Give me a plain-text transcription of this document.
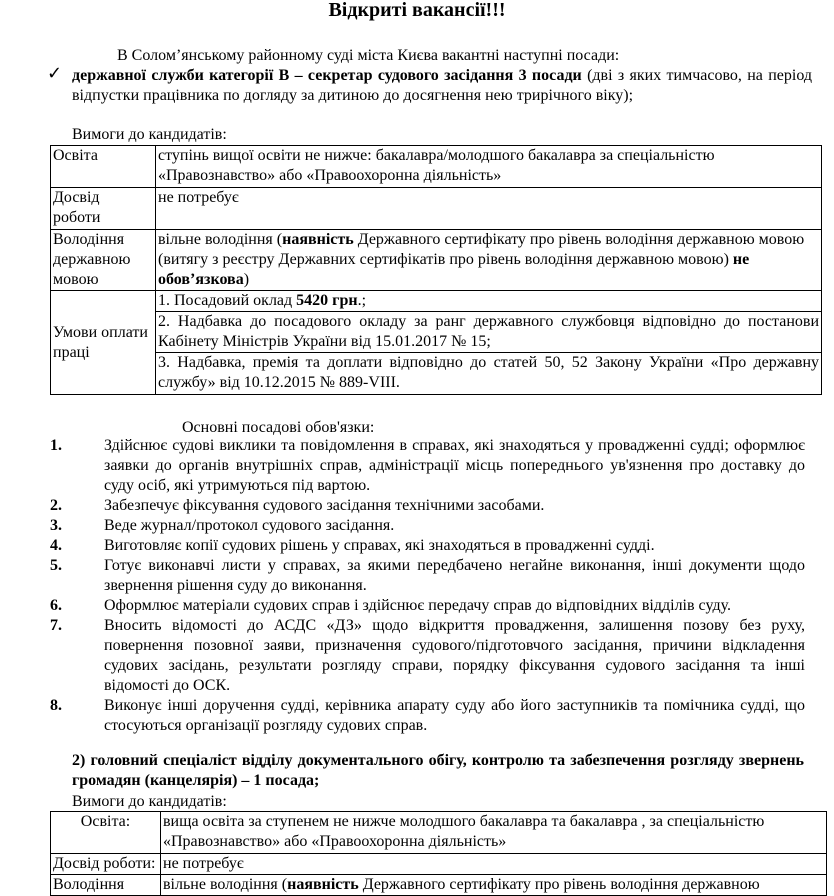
Відкриті вакансії!!!
В Солом’янському районному суді міста Києва вакантні наступні посади:
✓ державної служби категорії В – секретар судового засідання 3 посади (дві з яких тимчасово, на період відпустки працівника по догляду за дитиною до досягнення нею трирічного віку);
Вимоги до кандидатів:
Освіта	ступінь вищої освіти не нижче: бакалавра/молодшого бакалавра за спеціальністю «Правознавство» або «Правоохоронна діяльність»
Досвід роботи	не потребує
Володіння державною мовою	вільне володіння (наявність Державного сертифікату про рівень володіння державною мовою (витягу з реєстру Державних сертифікатів про рівень володіння державною мовою) не обов’язкова)
Умови оплати праці	1. Посадовий оклад 5420 грн.;
2. Надбавка до посадового окладу за ранг державного службовця відповідно до постанови Кабінету Міністрів України від 15.01.2017 № 15;
3. Надбавка, премія та доплати відповідно до статей 50, 52 Закону України «Про державну службу» від 10.12.2015 № 889-VIII.
Основні посадові обов'язки:
1.	Здійснює судові виклики та повідомлення в справах, які знаходяться у провадженні судді; оформлює заявки до органів внутрішніх справ, адміністрації місць попереднього ув'язнення про доставку до суду осіб, які утримуються під вартою.
2.	Забезпечує фіксування судового засідання технічними засобами.
3.	Веде журнал/протокол судового засідання.
4.	Виготовляє копії судових рішень у справах, які знаходяться в провадженні судді.
5.	Готує виконавчі листи у справах, за якими передбачено негайне виконання, інші документи щодо звернення рішення суду до виконання.
6.	Оформлює матеріали судових справ і здійснює передачу справ до відповідних відділів суду.
7.	Вносить відомості до АСДС «ДЗ» щодо відкриття провадження, залишення позову без руху, повернення позовної заяви, призначення судового/підготовчого засідання, причини відкладення судових засідань, результати розгляду справи, порядку фіксування судового засідання та інші відомості до ОСК.
8.	Виконує інші доручення судді, керівника апарату суду або його заступників та помічника судді, що стосуються організації розгляду судових справ.
2) головний спеціаліст відділу документального обігу, контролю та забезпечення розгляду звернень громадян (канцелярія) – 1 посада;
Вимоги до кандидатів:
Освіта:	вища освіта за ступенем не нижче молодшого бакалавра та бакалавра , за спеціальністю «Правознавство» або «Правоохоронна діяльність»
Досвід роботи:	не потребує
Володіння	вільне володіння (наявність Державного сертифікату про рівень володіння державною
